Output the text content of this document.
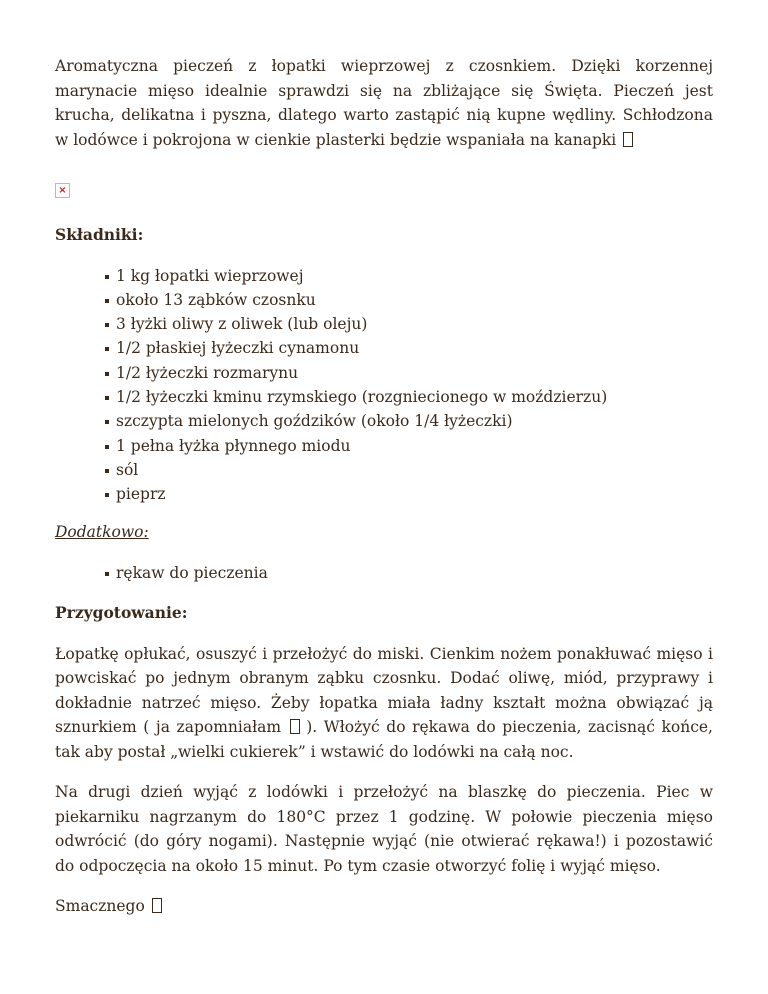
Aromatyczna pieczeń z łopatki wieprzowej z czosnkiem. Dzięki korzennej marynacie mięso idealnie sprawdzi się na zbliżające się Święta. Pieczeń jest krucha, delikatna i pyszna, dlatego warto zastąpić nią kupne wędliny. Schłodzona w lodówce i pokrojona w cienkie plasterki będzie wspaniała na kanapki

×

Składniki:

1 kg łopatki wieprzowej
około 13 ząbków czosnku
3 łyżki oliwy z oliwek (lub oleju)
1/2 płaskiej łyżeczki cynamonu
1/2 łyżeczki rozmarynu
1/2 łyżeczki kminu rzymskiego (rozgniecionego w moździerzu)
szczypta mielonych goździków (około 1/4 łyżeczki)
1 pełna łyżka płynnego miodu
sól
pieprz

Dodatkowo:

rękaw do pieczenia

Przygotowanie:

Łopatkę opłukać, osuszyć i przełożyć do miski. Cienkim nożem ponakłuwać mięso i powciskać po jednym obranym ząbku czosnku. Dodać oliwę, miód, przyprawy i dokładnie natrzeć mięso. Żeby łopatka miała ładny kształt można obwiązać ją sznurkiem ( ja zapomniałam  ). Włożyć do rękawa do pieczenia, zacisnąć końce, tak aby postał „wielki cukierek” i wstawić do lodówki na całą noc.

Na drugi dzień wyjąć z lodówki i przełożyć na blaszkę do pieczenia. Piec w piekarniku nagrzanym do 180°C przez 1 godzinę. W połowie pieczenia mięso odwrócić (do góry nogami). Następnie wyjąć (nie otwierać rękawa!) i pozostawić do odpoczęcia na około 15 minut. Po tym czasie otworzyć folię i wyjąć mięso.

Smacznego
